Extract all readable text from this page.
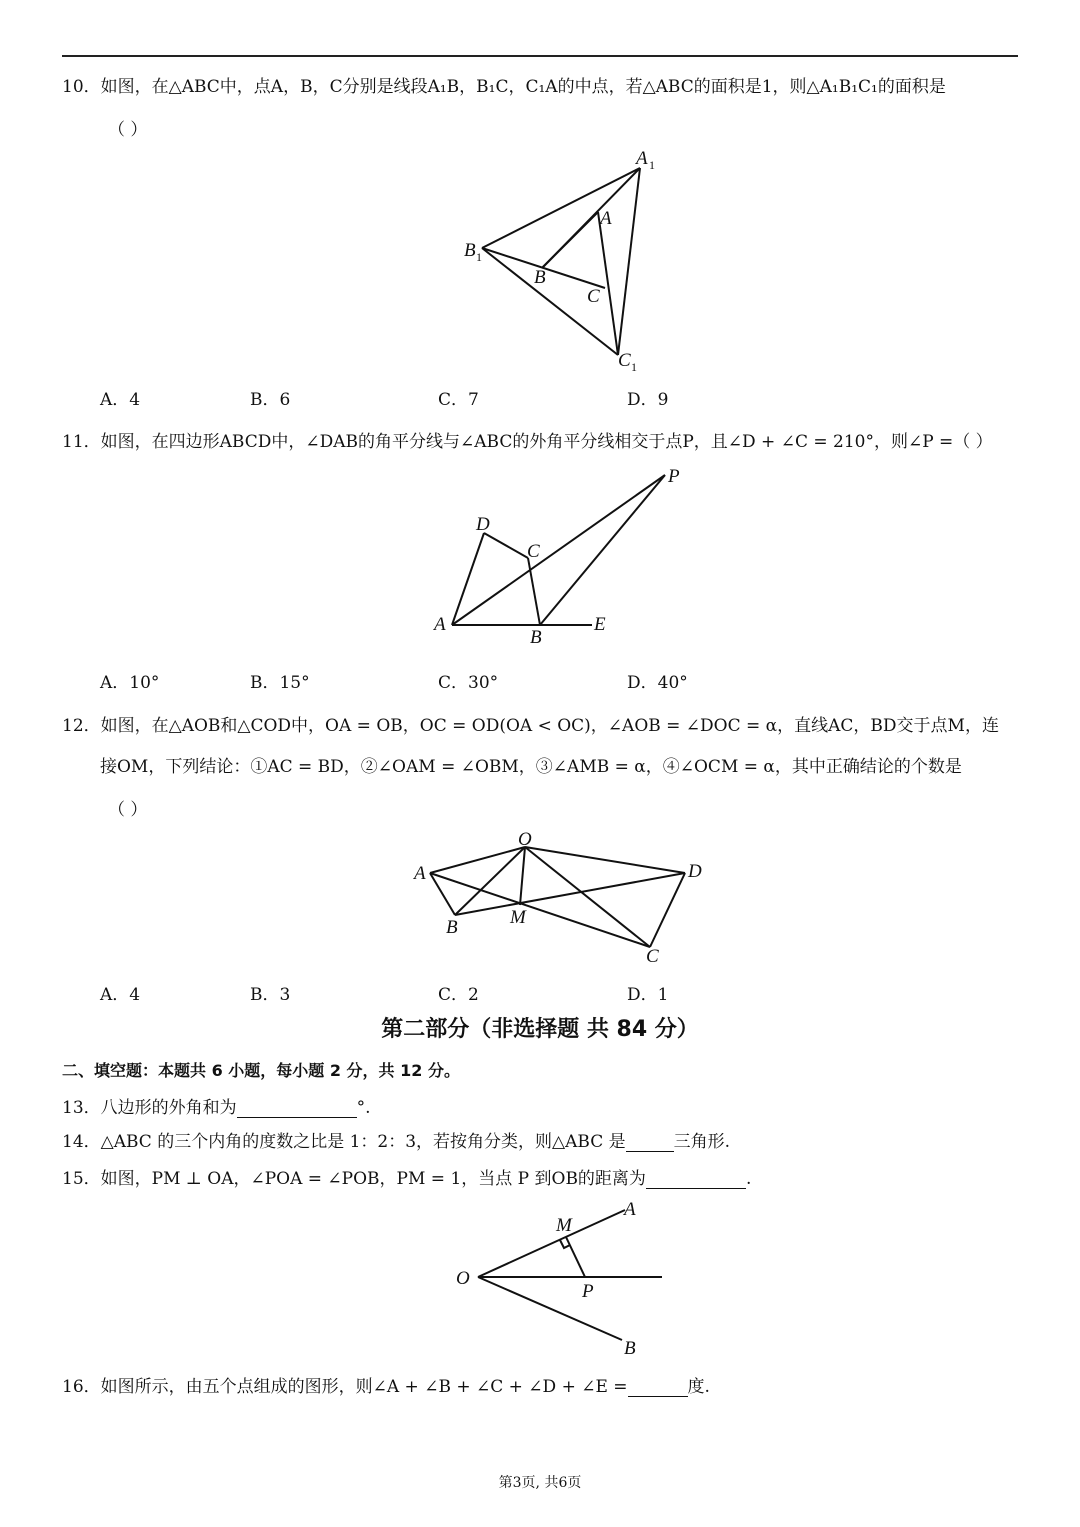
10．如图，在△ABC中，点A，B，C分别是线段A₁B，B₁C，C₁A的中点，若△ABC的面积是1，则△A₁B₁C₁的面积是
（ ）
A 1
A
B 1
B
C
C 1
A．4	B．6	C．7	D．9
11．如图，在四边形ABCD中，∠DAB的角平分线与∠ABC的外角平分线相交于点P，且∠D + ∠C = 210°，则∠P =（ ）
P
D
C
A
B
E
A．10°	B．15°	C．30°	D．40°
12．如图，在△AOB和△COD中，OA = OB，OC = OD(OA < OC)，∠AOB = ∠DOC = α，直线AC，BD交于点M，连
接OM，下列结论：①AC = BD，②∠OAM = ∠OBM，③∠AMB = α，④∠OCM = α，其中正确结论的个数是
（ ）
O
A	D
M
B
C
A．4	B．3	C．2	D．1
第二部分（非选择题 共 84 分）
二、填空题：本题共 6 小题，每小题 2 分，共 12 分。
13．八边形的外角和为	°.
14．△ABC 的三个内角的度数之比是 1：2：3，若按角分类，则△ABC 是	三角形.
15．如图，PM ⊥ OA，∠POA = ∠POB，PM = 1，当点 P 到OB的距离为	.
M
A
O
P
B
16．如图所示，由五个点组成的图形，则∠A + ∠B + ∠C + ∠D + ∠E =	度.
第3页, 共6页
